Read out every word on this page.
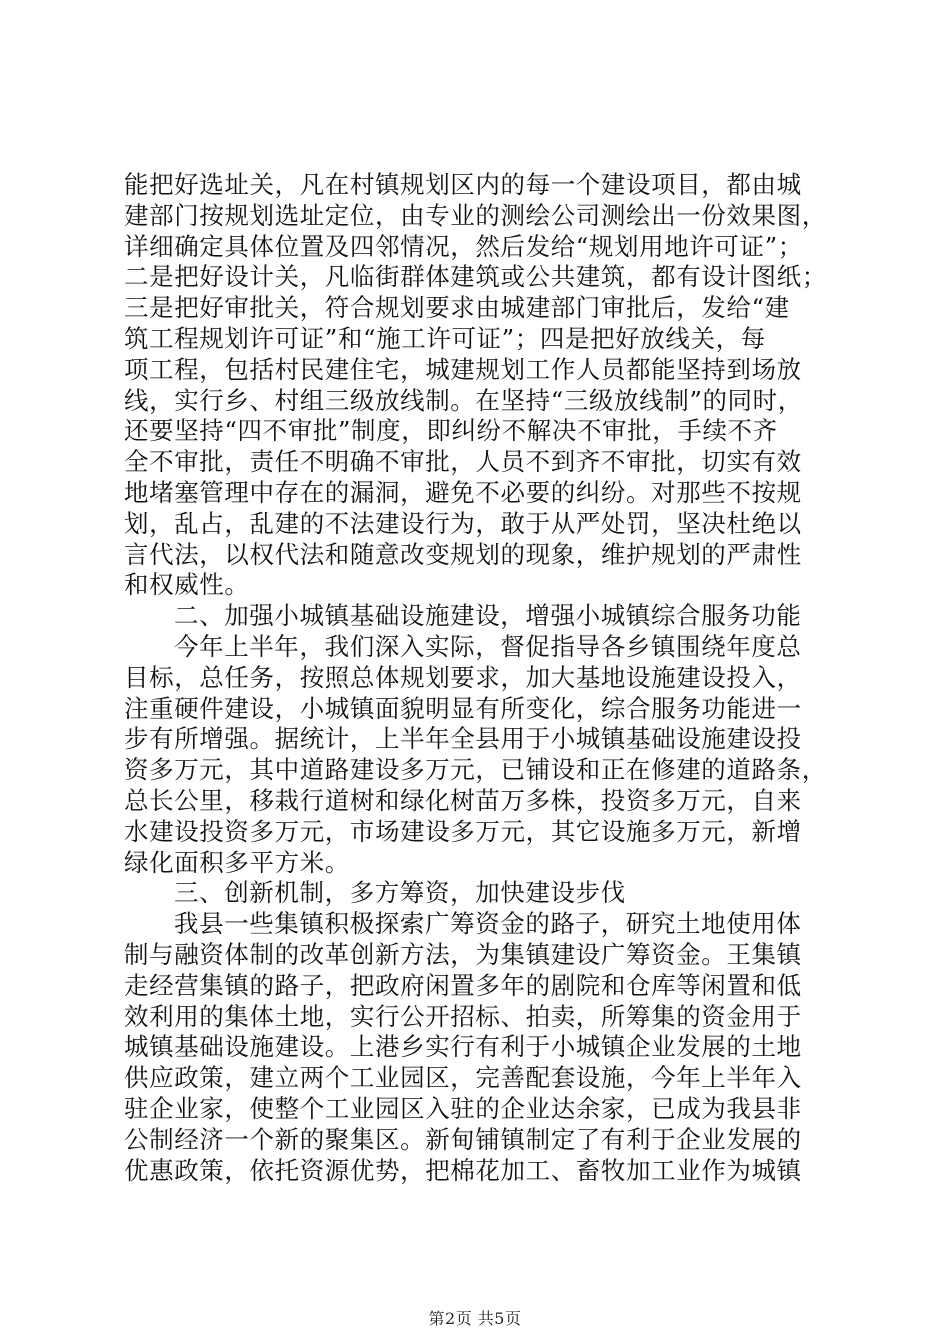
能把好选址关，凡在村镇规划区内的每一个建设项目，都由城
建部门按规划选址定位，由专业的测绘公司测绘出一份效果图，
详细确定具体位置及四邻情况，然后发给“规划用地许可证”；
二是把好设计关，凡临街群体建筑或公共建筑，都有设计图纸；
三是把好审批关，符合规划要求由城建部门审批后，发给“建
筑工程规划许可证”和“施工许可证”；四是把好放线关，每
项工程，包括村民建住宅，城建规划工作人员都能坚持到场放
线，实行乡、村组三级放线制。在坚持“三级放线制”的同时，
还要坚持“四不审批”制度，即纠纷不解决不审批，手续不齐
全不审批，责任不明确不审批，人员不到齐不审批，切实有效
地堵塞管理中存在的漏洞，避免不必要的纠纷。对那些不按规
划，乱占，乱建的不法建设行为，敢于从严处罚，坚决杜绝以
言代法，以权代法和随意改变规划的现象，维护规划的严肃性
和权威性。
二、加强小城镇基础设施建设，增强小城镇综合服务功能
今年上半年，我们深入实际，督促指导各乡镇围绕年度总
目标，总任务，按照总体规划要求，加大基地设施建设投入，
注重硬件建设，小城镇面貌明显有所变化，综合服务功能进一
步有所增强。据统计，上半年全县用于小城镇基础设施建设投
资多万元，其中道路建设多万元，已铺设和正在修建的道路条，
总长公里，移栽行道树和绿化树苗万多株，投资多万元，自来
水建设投资多万元，市场建设多万元，其它设施多万元，新增
绿化面积多平方米。
三、创新机制，多方筹资，加快建设步伐
我县一些集镇积极探索广筹资金的路子，研究土地使用体
制与融资体制的改革创新方法，为集镇建设广筹资金。王集镇
走经营集镇的路子，把政府闲置多年的剧院和仓库等闲置和低
效利用的集体土地，实行公开招标、拍卖，所筹集的资金用于
城镇基础设施建设。上港乡实行有利于小城镇企业发展的土地
供应政策，建立两个工业园区，完善配套设施，今年上半年入
驻企业家，使整个工业园区入驻的企业达余家，已成为我县非
公制经济一个新的聚集区。新甸铺镇制定了有利于企业发展的
优惠政策，依托资源优势，把棉花加工、畜牧加工业作为城镇
第2页 共5页
